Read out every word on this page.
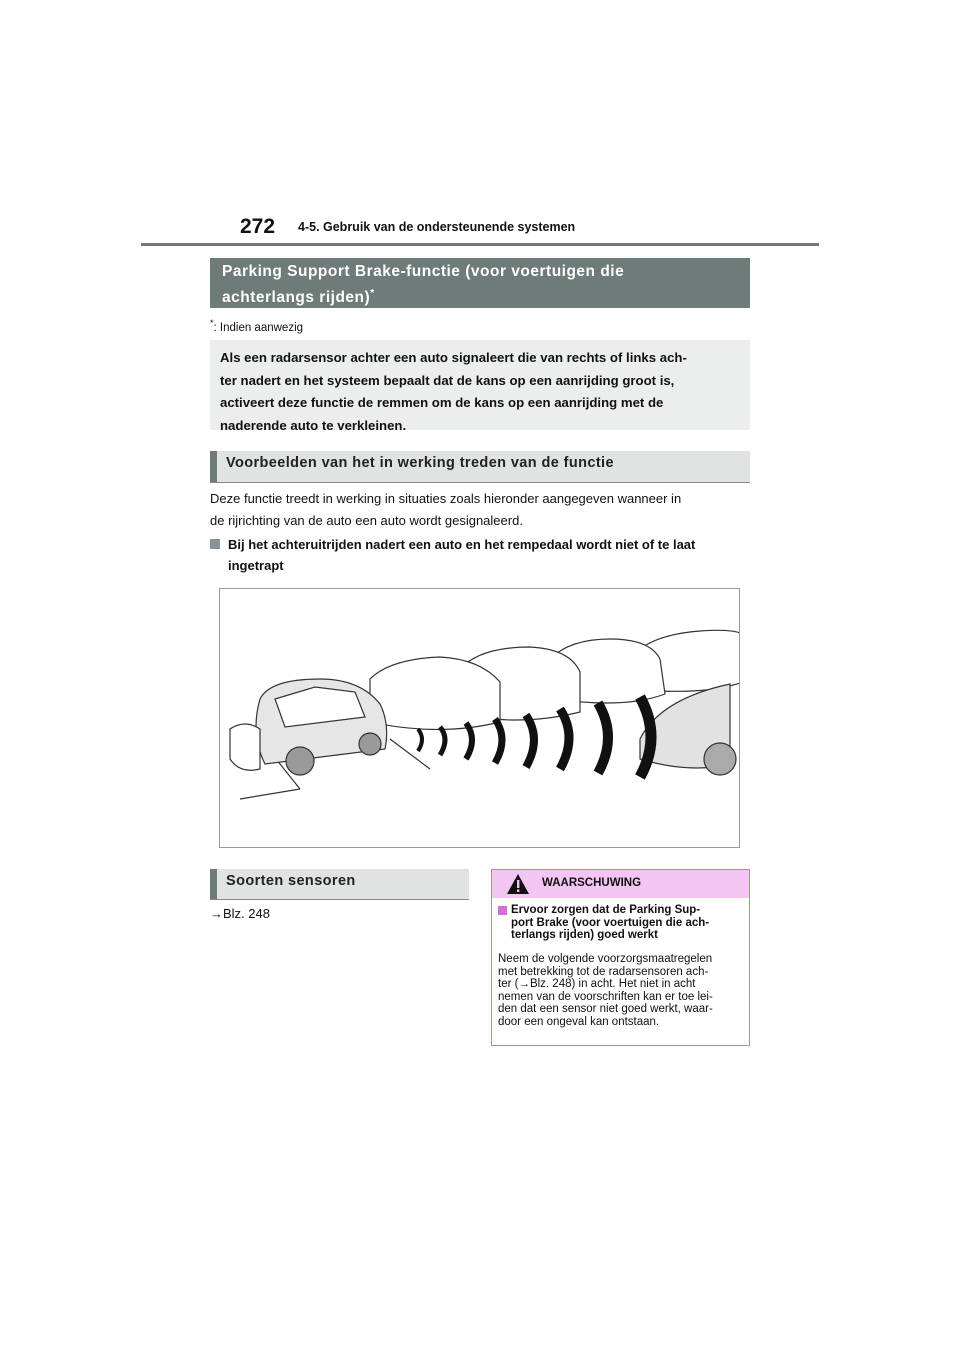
272 4-5. Gebruik van de ondersteunende systemen
Parking Support Brake-functie (voor voertuigen die
achterlangs rijden)*
*: Indien aanwezig
Als een radarsensor achter een auto signaleert die van rechts of links ach-
ter nadert en het systeem bepaalt dat de kans op een aanrijding groot is,
activeert deze functie de remmen om de kans op een aanrijding met de
naderende auto te verkleinen.
Voorbeelden van het in werking treden van de functie
Deze functie treedt in werking in situaties zoals hieronder aangegeven wanneer in
de rijrichting van de auto een auto wordt gesignaleerd.
Bij het achteruitrijden nadert een auto en het rempedaal wordt niet of te laat
ingetrapt
Soorten sensoren
→Blz. 248
WAARSCHUWING
Ervoor zorgen dat de Parking Sup-
port Brake (voor voertuigen die ach-
terlangs rijden) goed werkt
Neem de volgende voorzorgsmaatregelen
met betrekking tot de radarsensoren ach-
ter (→Blz. 248) in acht. Het niet in acht
nemen van de voorschriften kan er toe lei-
den dat een sensor niet goed werkt, waar-
door een ongeval kan ontstaan.
